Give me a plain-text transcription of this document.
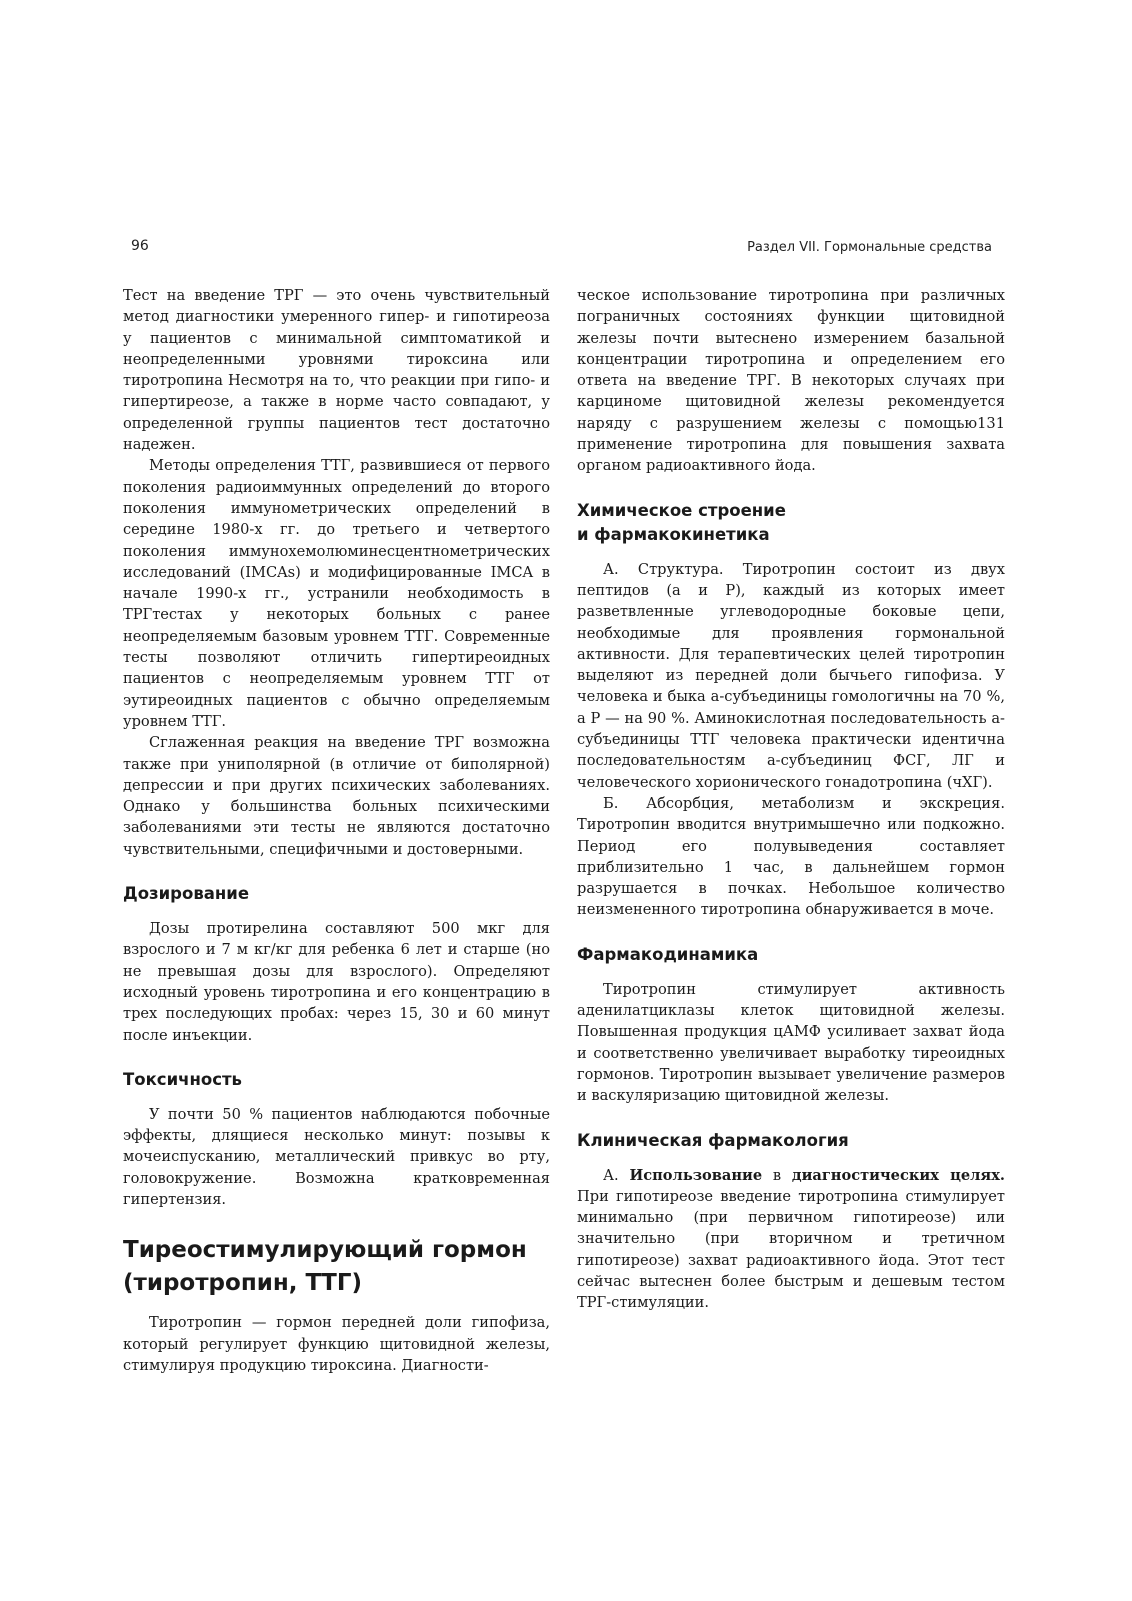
96	Раздел VII. Гормональные средства

Тест на введение ТРГ — это очень чувствительный метод диагностики умеренного гипер- и гипотиреоза у пациентов с минимальной симптоматикой и неопределенными уровнями тироксина или тиротропина Несмотря на то, что реакции при гипо- и гипертиреозе, а также в норме часто совпадают, у определенной группы пациентов тест достаточно надежен.

Методы определения ТТГ, развившиеся от первого поколения радиоиммунных определений до второго поколения иммунометрических определений в середине 1980-х гг. до третьего и четвертого поколения иммунохемолюминесцентнометрических исследований (IMCAs) и модифицированные IMCA в начале 1990-х гг., устранили необходимость в ТРГтестах у некоторых больных с ранее неопределяемым базовым уровнем ТТГ. Современные тесты позволяют отличить гипертиреоидных пациентов с неопределяемым уровнем ТТГ от эутиреоидных пациентов с обычно определяемым уровнем ТТГ.

Сглаженная реакция на введение ТРГ возможна также при униполярной (в отличие от биполярной) депрессии и при других психических заболеваниях. Однако у большинства больных психическими заболеваниями эти тесты не являются достаточно чувствительными, специфичными и достоверными.

Дозирование

Дозы протирелина составляют 500 мкг для взрослого и 7 м кг/кг для ребенка 6 лет и старше (но не превышая дозы для взрослого). Определяют исходный уровень тиротропина и его концентрацию в трех последующих пробах: через 15, 30 и 60 минут после инъекции.

Токсичность

У почти 50 % пациентов наблюдаются побочные эффекты, длящиеся несколько минут: позывы к мочеиспусканию, металлический привкус во рту, головокружение. Возможна кратковременная гипертензия.

Тиреостимулирующий гормон
(тиротропин, ТТГ)

Тиротропин — гормон передней доли гипофиза, который регулирует функцию щитовидной железы, стимулируя продукцию тироксина. Диагности-

ческое использование тиротропина при различных пограничных состояниях функции щитовидной железы почти вытеснено измерением базальной концентрации тиротропина и определением его ответа на введение ТРГ. В некоторых случаях при карциноме щитовидной железы рекомендуется наряду с разрушением железы с помощью131 применение тиротропина для повышения захвата органом радиоактивного йода.

Химическое строение
и фармакокинетика

А. Структура. Тиротропин состоит из двух пептидов (а и Р), каждый из которых имеет разветвленные углеводородные боковые цепи, необходимые для проявления гормональной активности. Для терапевтических целей тиротропин выделяют из передней доли бычьего гипофиза. У человека и быка а-субъединицы гомологичны на 70 %, а Р — на 90 %. Аминокислотная последовательность а-субъединицы ТТГ человека практически идентична последовательностям а-субъединиц ФСГ, ЛГ и человеческого хорионического гонадотропина (чХГ).

Б. Абсорбция, метаболизм и экскреция. Тиротропин вводится внутримышечно или подкожно. Период его полувыведения составляет приблизительно 1 час, в дальнейшем гормон разрушается в почках. Небольшое количество неизмененного тиротропина обнаруживается в моче.

Фармакодинамика

Тиротропин стимулирует активность аденилатциклазы клеток щитовидной железы. Повышенная продукция цАМФ усиливает захват йода и соответственно увеличивает выработку тиреоидных гормонов. Тиротропин вызывает увеличение размеров и васкуляризацию щитовидной железы.

Клиническая фармакология

А. Использование в диагностических целях. При гипотиреозе введение тиротропина стимулирует минимально (при первичном гипотиреозе) или значительно (при вторичном и третичном гипотиреозе) захват радиоактивного йода. Этот тест сейчас вытеснен более быстрым и дешевым тестом ТРГ-стимуляции.
